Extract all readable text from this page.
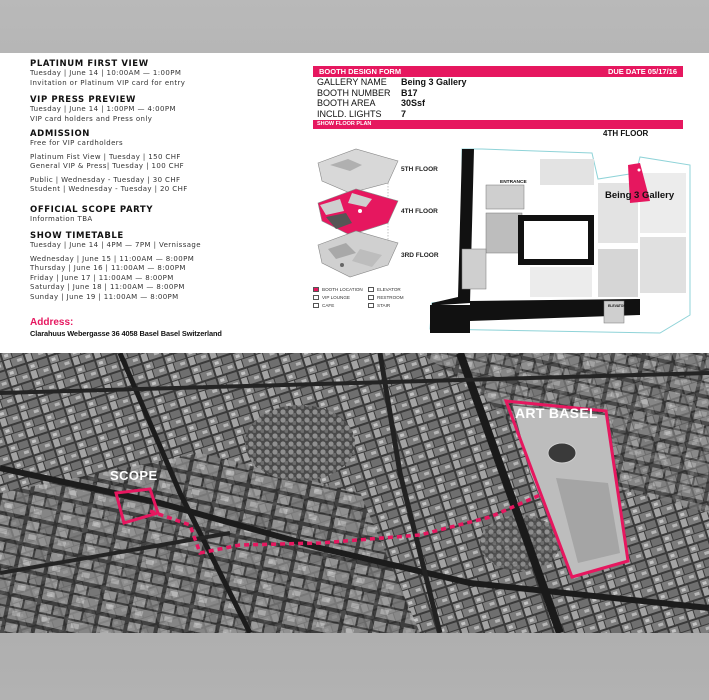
PLATINUM FIRST VIEW
Tuesday | June 14 | 10:00AM — 1:00PM
Invitation or Platinum VIP card for entry
VIP PRESS PREVIEW
Tuesday | June 14 | 1:00PM — 4:00PM
VIP card holders and Press only
ADMISSION
Free for VIP cardholders
Platinum Fist View | Tuesday | 150 CHF
General VIP & Press| Tuesday | 100 CHF
Public | Wednesday - Tuesday | 30 CHF
Student | Wednesday - Tuesday | 20 CHF
OFFICIAL SCOPE PARTY
Information TBA
SHOW TIMETABLE
Tuesday | June 14 | 4PM — 7PM | Vernissage
Wednesday | June 15 | 11:00AM — 8:00PM
Thursday | June 16 | 11:00AM — 8:00PM
Friday | June 17 | 11:00AM — 8:00PM
Saturday | June 18 | 11:00AM — 8:00PM
Sunday | June 19 | 11:00AM — 8:00PM
Address:
Clarahuus Webergasse 36 4058 Basel Basel Switzerland
BOOTH DESIGN FORM	DUE DATE 05/17/16
GALLERY NAME	Being 3 Gallery
BOOTH NUMBER	B17
BOOTH AREA	30Ssf
INCLD. LIGHTS	7
SHOW FLOOR PLAN
ELEVATOR
5TH FLOOR
4TH FLOOR
3RD FLOOR
4TH FLOOR
Being 3 Gallery
ENTRANCE
BOOTH LOCATION	ELEVATOR
VIP LOUNGE	RESTROOM
CAFE	STAIR
SCOPE
ART BASEL
